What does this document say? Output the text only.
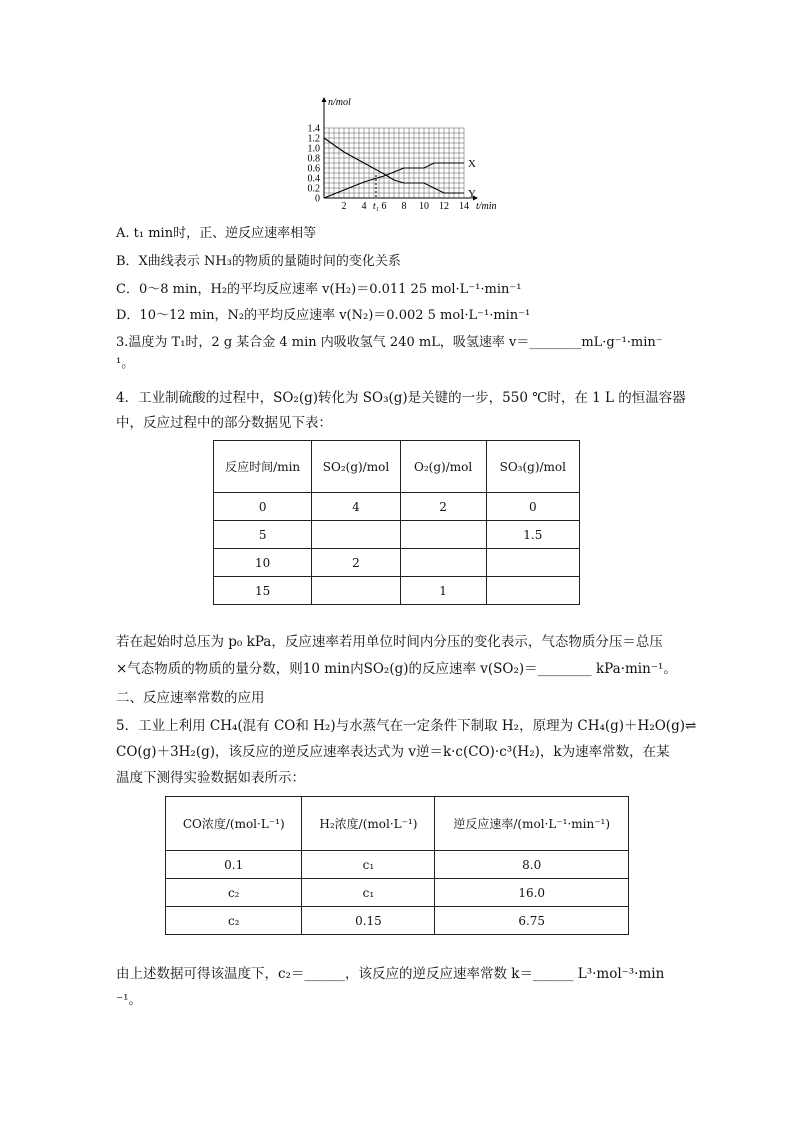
1.4
1.2
1.0
0.8
0.6
0.4
0.2
0
2 4 t₁ 6 8 10 12 14
n/mol
t/min
X
Y
A. t₁ min时，正、逆反应速率相等
B．X曲线表示 NH₃的物质的量随时间的变化关系
C．0～8 min，H₂的平均反应速率 v(H₂)＝0.011 25 mol·L⁻¹·min⁻¹
D．10～12 min，N₂的平均反应速率 v(N₂)＝0.002 5 mol·L⁻¹·min⁻¹
3.温度为 T₁时，2 g 某合金 4 min 内吸收氢气 240 mL，吸氢速率 v＝________mL·g⁻¹·min⁻
¹。
4．工业制硫酸的过程中，SO₂(g)转化为 SO₃(g)是关键的一步，550 ℃时，在 1 L 的恒温容器
中，反应过程中的部分数据见下表：
反应时间/min	SO₂(g)/mol	O₂(g)/mol	SO₃(g)/mol
0	4	2	0
5			1.5
10	2		
15		1	
若在起始时总压为 p₀ kPa，反应速率若用单位时间内分压的变化表示，气态物质分压＝总压
×气态物质的物质的量分数，则10 min内SO₂(g)的反应速率 v(SO₂)＝________ kPa·min⁻¹。
二、反应速率常数的应用
5．工业上利用 CH₄(混有 CO和 H₂)与水蒸气在一定条件下制取 H₂，原理为 CH₄(g)＋H₂O(g)⇌
CO(g)＋3H₂(g)，该反应的逆反应速率表达式为 v逆＝k·c(CO)·c³(H₂)，k为速率常数，在某
温度下测得实验数据如表所示：
CO浓度/(mol·L⁻¹)	H₂浓度/(mol·L⁻¹)	逆反应速率/(mol·L⁻¹·min⁻¹)
0.1	c₁	8.0
c₂	c₁	16.0
c₂	0.15	6.75
由上述数据可得该温度下，c₂＝______，该反应的逆反应速率常数 k＝______ L³·mol⁻³·min
⁻¹。
